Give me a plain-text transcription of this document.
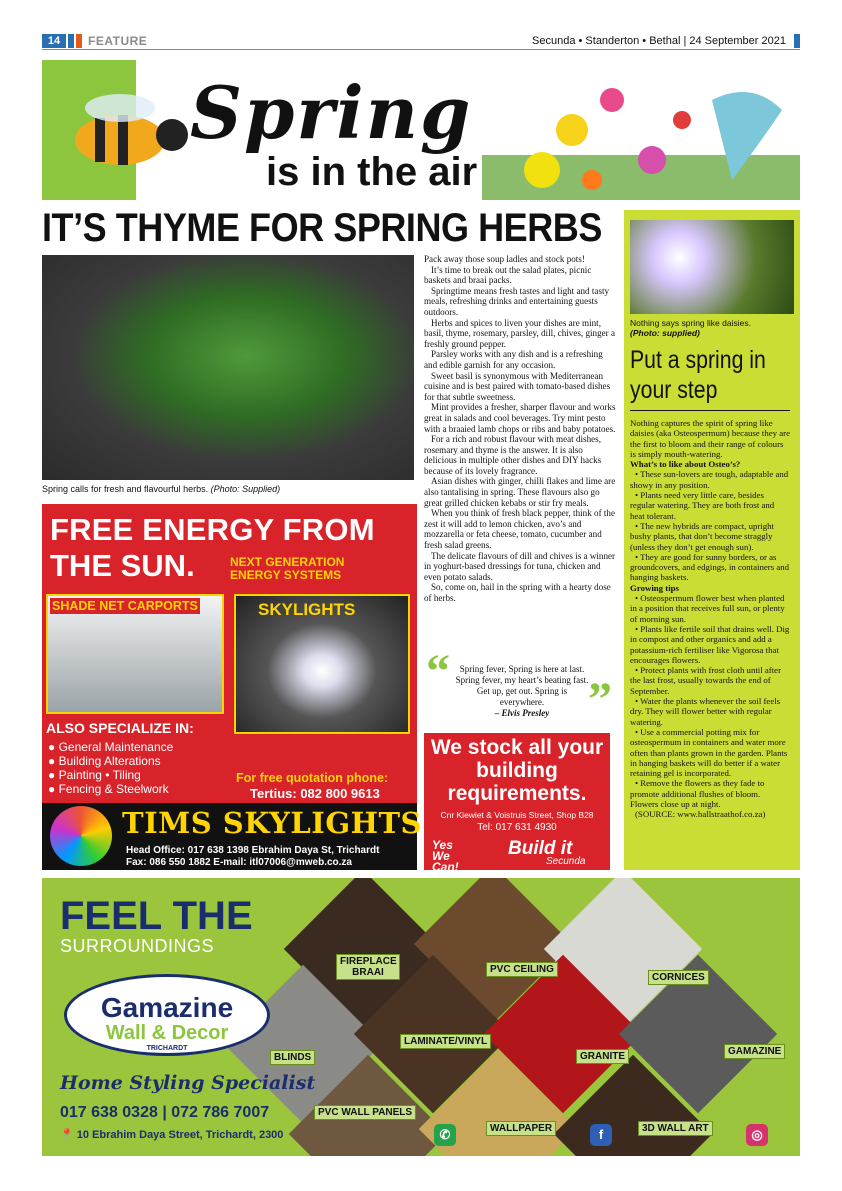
14	FEATURE	Secunda • Standerton • Bethal | 24 September 2021
Spring
is in the air
IT’S THYME FOR SPRING HERBS
Spring calls for fresh and flavourful herbs. (Photo: Supplied)

Pack away those soup ladles and stock pots!

It’s time to break out the salad plates, picnic baskets and braai packs.

Springtime means fresh tastes and light and tasty meals, refreshing drinks and entertaining guests outdoors.

Herbs and spices to liven your dishes are mint, basil, thyme, rosemary, parsley, dill, chives, ginger a freshly ground pepper.

Parsley works with any dish and is a refreshing and edible garnish for any occasion.

Sweet basil is synonymous with Mediterranean cuisine and is best paired with tomato-based dishes for that subtle sweetness.

Mint provides a fresher, sharper flavour and works great in salads and cool beverages. Try mint pesto with a braaied lamb chops or ribs and baby potatoes.

For a rich and robust flavour with meat dishes, rosemary and thyme is the answer. It is also delicious in multiple other dishes and DIY hacks because of its lovely fragrance.

Asian dishes with ginger, chilli flakes and lime are also tantalising in spring. These flavours also go great grilled chicken kebabs or stir fry meals.

When you think of fresh black pepper, think of the zest it will add to lemon chicken, avo’s and mozzarella or feta cheese, tomato, cucumber and fresh salad greens.

The delicate flavours of dill and chives is a winner in yoghurt-based dressings for tuna, chicken and even potato salads.

So, come on, hail in the spring with a hearty dose of herbs.

“	Spring fever, Spring is here at last. Spring fever, my heart’s beating fast. Get up, get out. Spring is everywhere.
– Elvis Presley ”
Nothing says spring like daisies.
(Photo: supplied)
Put a spring in
your step

Nothing captures the spirit of spring like daisies (aka Osteospermum) because they are the first to bloom and their range of colours is simply mouth-watering.

What’s to like about Osteo’s?

• These sun-lovers are tough, adaptable and showy in any position.

• Plants need very little care, besides regular watering. They are both frost and heat tolerant.

• The new hybrids are compact, upright bushy plants, that don’t become straggly (unless they don’t get enough sun).

• They are good for sunny borders, or as groundcovers, and edgings, in containers and hanging baskets.

Growing tips

• Osteospermum flower best when planted in a position that receives full sun, or plenty of morning sun.

• Plants like fertile soil that drains well. Dig in compost and other organics and add a potassium-rich fertiliser like Vigorosa that encourages flowers.

• Protect plants with frost cloth until after the last frost, usually towards the end of September.

• Water the plants whenever the soil feels dry. They will flower better with regular watering.

• Use a commercial potting mix for osteospermum in containers and water more often than plants grown in the garden. Plants in hanging baskets will do better if a water retaining gel is incorporated.

• Remove the flowers as they fade to promote additional flushes of bloom. Flowers close up at night.

(SOURCE: www.ballstraathof.co.za)

FREE ENERGY FROM
THE SUN.	NEXT GENERATION ENERGY SYSTEMS
SHADE NET CARPORTS	SKYLIGHTS
ALSO SPECIALIZE IN:
● General Maintenance
● Building Alterations
● Painting • Tiling
● Fencing & Steelwork
For free quotation phone:
Tertius: 082 800 9613
TIMS SKYLIGHTS
Head Office: 017 638 1398 Ebrahim Daya St, Trichardt
Fax: 086 550 1882 E-mail: itl07006@mweb.co.za
We stock all your building requirements.
Cnr Kiewiet & Voistruis Street, Shop B28
Tel: 017 631 4930
Yes We Can!
Build it
Secunda
FIREPLACE BRAAI	PVC CEILING
CORNICES
BLINDS
LAMINATE/VINYL
GRANITE	GAMAZINE
PVC WALL PANELS
WALLPAPER	3D WALL ART
✆	f	◎
FEEL THE
SURROUNDINGS
Gamazine
Wall & Decor
TRICHARDT
Home Styling Specialist
017 638 0328 | 072 786 7007
📍 10 Ebrahim Daya Street, Trichardt, 2300
